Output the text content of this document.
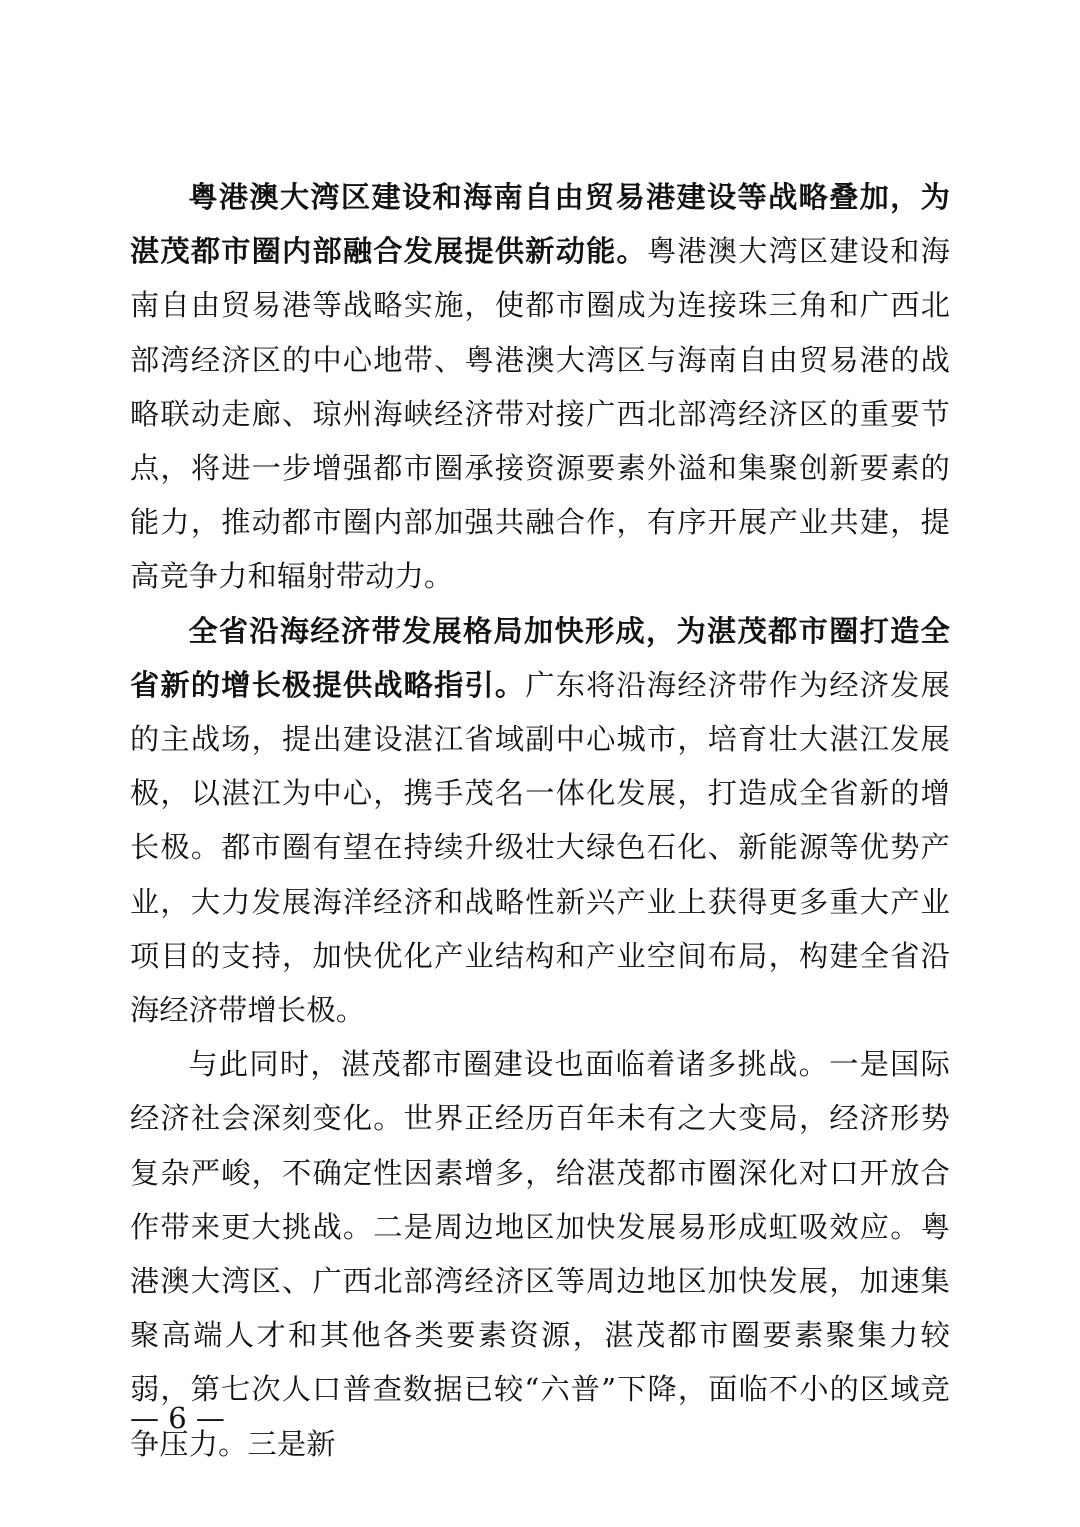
粤港澳大湾区建设和海南自由贸易港建设等战略叠加，为湛茂都市圈内部融合发展提供新动能。粤港澳大湾区建设和海南自由贸易港等战略实施，使都市圈成为连接珠三角和广西北部湾经济区的中心地带、粤港澳大湾区与海南自由贸易港的战略联动走廊、琼州海峡经济带对接广西北部湾经济区的重要节点，将进一步增强都市圈承接资源要素外溢和集聚创新要素的能力，推动都市圈内部加强共融合作，有序开展产业共建，提高竞争力和辐射带动力。

全省沿海经济带发展格局加快形成，为湛茂都市圈打造全省新的增长极提供战略指引。广东将沿海经济带作为经济发展的主战场，提出建设湛江省域副中心城市，培育壮大湛江发展极，以湛江为中心，携手茂名一体化发展，打造成全省新的增长极。都市圈有望在持续升级壮大绿色石化、新能源等优势产业，大力发展海洋经济和战略性新兴产业上获得更多重大产业项目的支持，加快优化产业结构和产业空间布局，构建全省沿海经济带增长极。

与此同时，湛茂都市圈建设也面临着诸多挑战。一是国际经济社会深刻变化。世界正经历百年未有之大变局，经济形势复杂严峻，不确定性因素增多，给湛茂都市圈深化对口开放合作带来更大挑战。二是周边地区加快发展易形成虹吸效应。粤港澳大湾区、广西北部湾经济区等周边地区加快发展，加速集聚高端人才和其他各类要素资源，湛茂都市圈要素聚集力较弱，第七次人口普查数据已较“六普”下降，面临不小的区域竞争压力。三是新

— 6 —
